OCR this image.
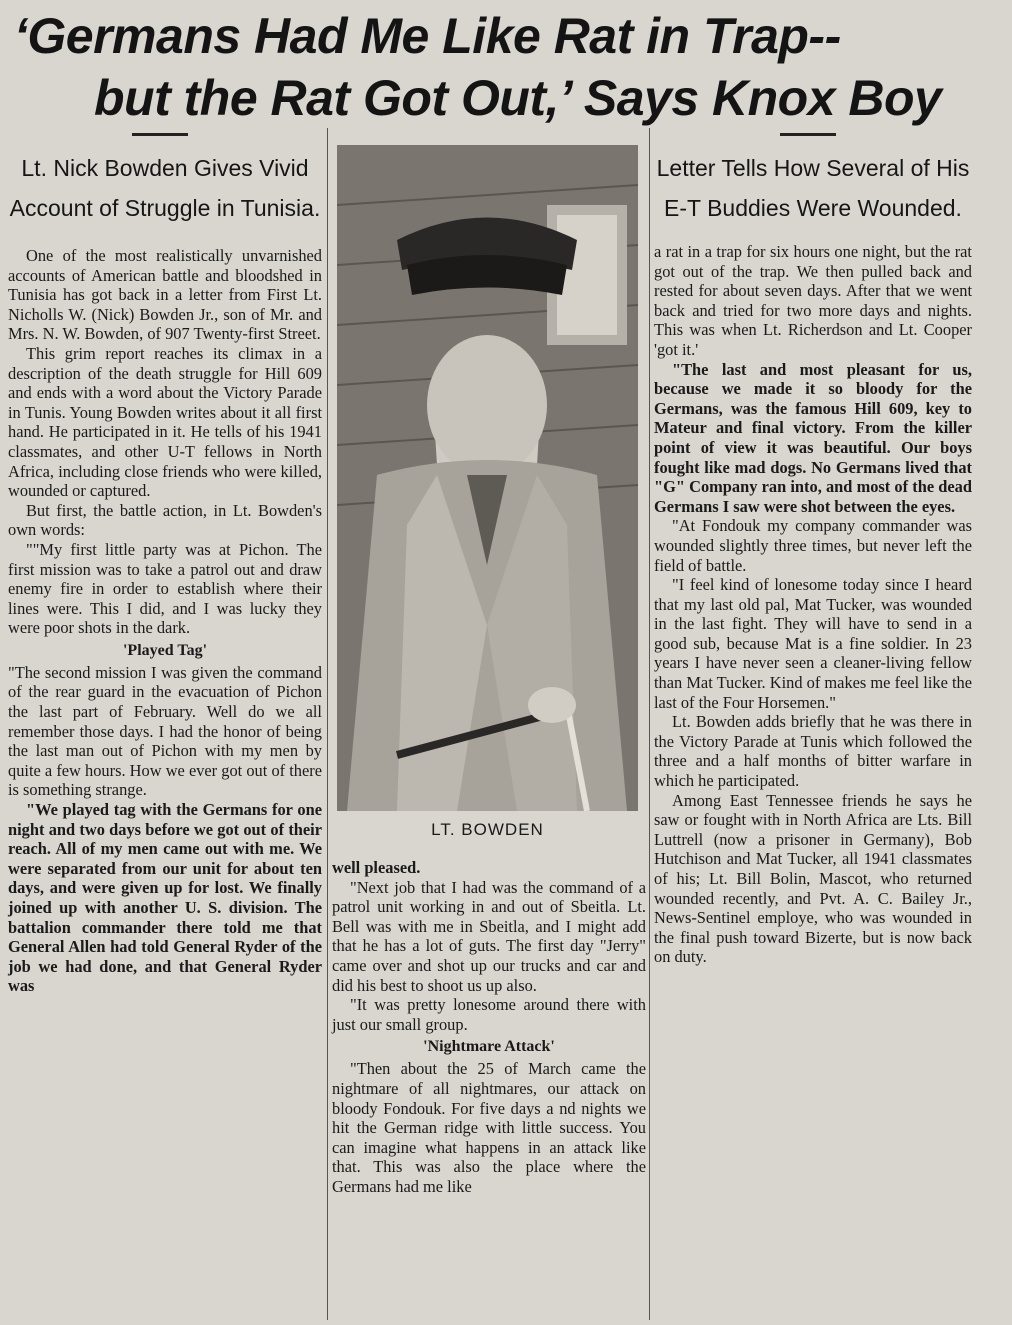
‘Germans Had Me Like Rat in Trap--
but the Rat Got Out,’ Says Knox Boy
Lt. Nick Bowden Gives Vivid Account of Struggle in Tunisia.

One of the most realistically unvarnished accounts of American battle and bloodshed in Tunisia has got back in a letter from First Lt. Nicholls W. (Nick) Bowden Jr., son of Mr. and Mrs. N. W. Bowden, of 907 Twenty-first Street.

This grim report reaches its climax in a description of the death struggle for Hill 609 and ends with a word about the Victory Parade in Tunis. Young Bowden writes about it all first hand. He participated in it. He tells of his 1941 classmates, and other U-T fellows in North Africa, including close friends who were killed, wounded or captured.

But first, the battle action, in Lt. Bowden's own words:

""My first little party was at Pichon. The first mission was to take a patrol out and draw enemy fire in order to establish where their lines were. This I did, and I was lucky they were poor shots in the dark.

'Played Tag'

"The second mission I was given the command of the rear guard in the evacuation of Pichon the last part of February. Well do we all remember those days. I had the honor of being the last man out of Pichon with my men by quite a few hours. How we ever got out of there is something strange.

"We played tag with the Germans for one night and two days before we got out of their reach. All of my men came out with me. We were separated from our unit for about ten days, and were given up for lost. We finally joined up with another U. S. division. The battalion commander there told me that General Allen had told General Ryder of the job we had done, and that General Ryder was

LT. BOWDEN

well pleased.

"Next job that I had was the command of a patrol unit working in and out of Sbeitla. Lt. Bell was with me in Sbeitla, and I might add that he has a lot of guts. The first day "Jerry" came over and shot up our trucks and car and did his best to shoot us up also.

"It was pretty lonesome around there with just our small group.

'Nightmare Attack'

"Then about the 25 of March came the nightmare of all nightmares, our attack on bloody Fondouk. For five days a nd nights we hit the German ridge with little success. You can imagine what happens in an attack like that. This was also the place where the Germans had me like

Letter Tells How Several of His E-T Buddies Were Wounded.

a rat in a trap for six hours one night, but the rat got out of the trap. We then pulled back and rested for about seven days. After that we went back and tried for two more days and nights. This was when Lt. Richerdson and Lt. Cooper 'got it.'

"The last and most pleasant for us, because we made it so bloody for the Germans, was the famous Hill 609, key to Mateur and final victory. From the killer point of view it was beautiful. Our boys fought like mad dogs. No Germans lived that "G" Company ran into, and most of the dead Germans I saw were shot between the eyes.

"At Fondouk my company commander was wounded slightly three times, but never left the field of battle.

"I feel kind of lonesome today since I heard that my last old pal, Mat Tucker, was wounded in the last fight. They will have to send in a good sub, because Mat is a fine soldier. In 23 years I have never seen a cleaner-living fellow than Mat Tucker. Kind of makes me feel like the last of the Four Horsemen."

Lt. Bowden adds briefly that he was there in the Victory Parade at Tunis which followed the three and a half months of bitter warfare in which he participated.

Among East Tennessee friends he says he saw or fought with in North Africa are Lts. Bill Luttrell (now a prisoner in Germany), Bob Hutchison and Mat Tucker, all 1941 classmates of his; Lt. Bill Bolin, Mascot, who returned wounded recently, and Pvt. A. C. Bailey Jr., News-Sentinel employe, who was wounded in the final push toward Bizerte, but is now back on duty.
